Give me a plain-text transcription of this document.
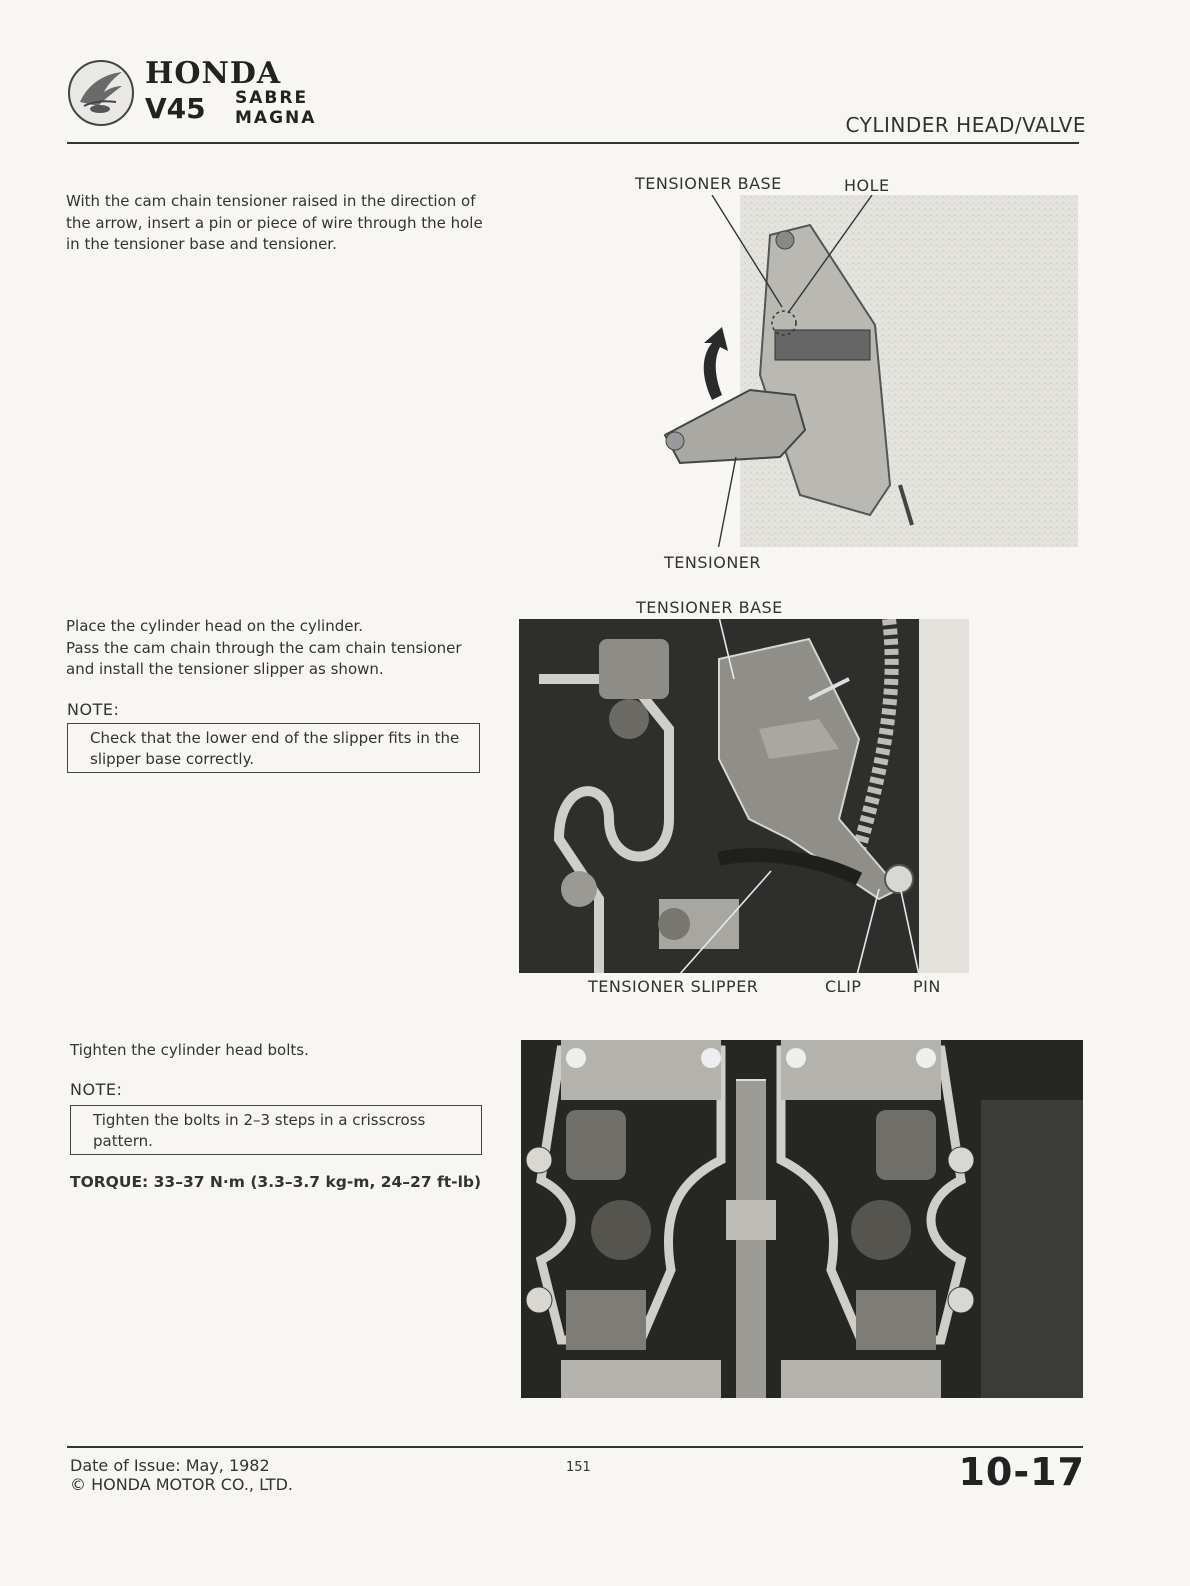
HONDA
V45 SABRE
MAGNA	CYLINDER HEAD/VALVE
With the cam chain tensioner raised in the direction of the arrow, insert a pin or piece of wire through the hole in the tensioner base and tensioner.
TENSIONER BASE	HOLE
TENSIONER
Place the cylinder head on the cylinder.
Pass the cam chain through the cam chain tensioner and install the tensioner slipper as shown.
NOTE:
Check that the lower end of the slipper fits in the slipper base correctly.
TENSIONER BASE
TENSIONER SLIPPER	CLIP	PIN
Tighten the cylinder head bolts.
NOTE:
Tighten the bolts in 2–3 steps in a crisscross pattern.
TORQUE: 33–37 N·m (3.3–3.7 kg-m, 24–27 ft-lb)
Date of Issue: May, 1982
© HONDA MOTOR CO., LTD.
151	10-17
